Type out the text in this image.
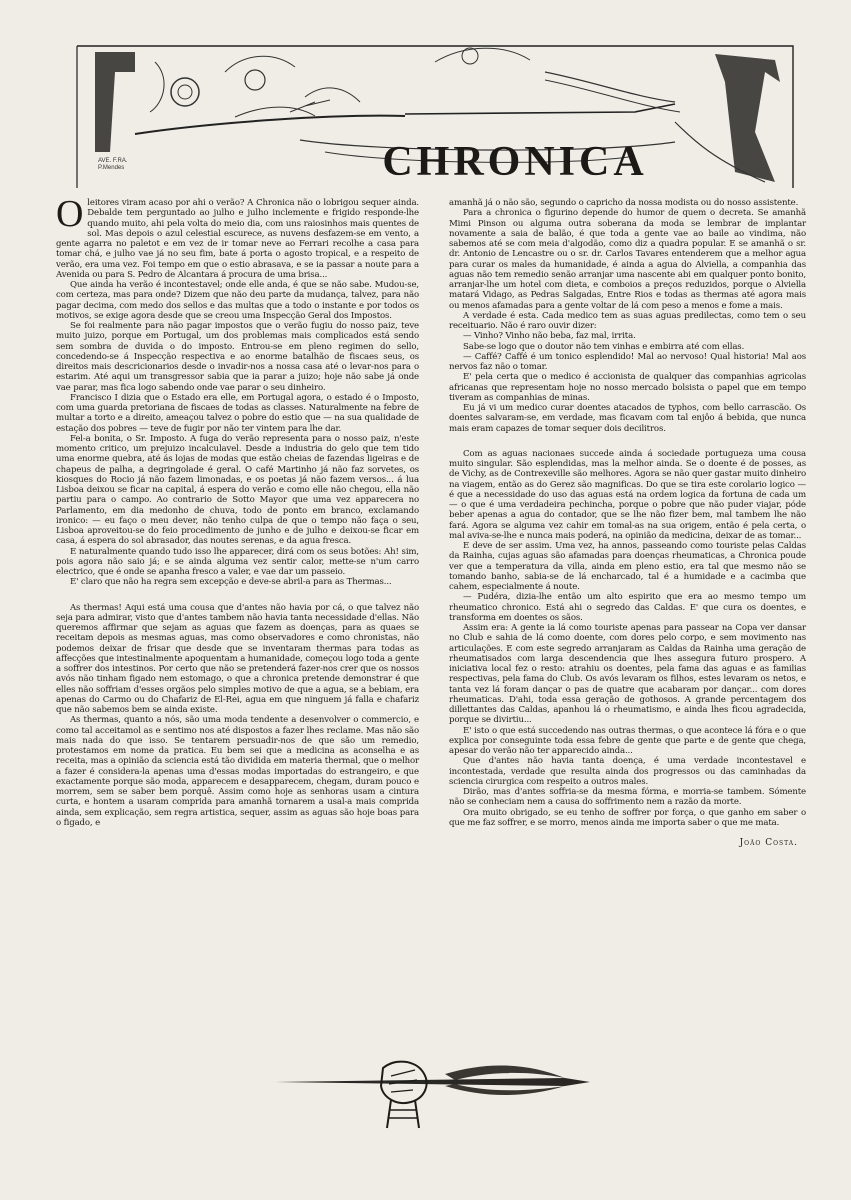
CHRONICA
AVE. F.RA.
P.Mendes

Oleitores viram acaso por ahi o verão? A Chronica não o lobrigou sequer ainda. Debalde tem perguntado ao julho e julho inclemente e frigido responde-lhe quando muito, ahi pela volta do meio dia, com uns raiosinhos mais quentes de sol. Mas depois o azul celestial escurece, as nuvens desfazem-se em vento, a gente agarra no paletot e em vez de ir tomar neve ao Ferrari recolhe a casa para tomar chá, e julho vae já no seu fim, bate á porta o agosto tropical, e a respeito de verão, era uma vez. Foi tempo em que o estio abrasava, e se ia passar a noute para a Avenida ou para S. Pedro de Alcantara á procura de uma brisa...

Que ainda ha verão é incontestavel; onde elle anda, é que se não sabe. Mudou-se, com certeza, mas para onde? Dizem que não deu parte da mudança, talvez, para não pagar decima, com medo dos sellos e das multas que a todo o instante e por todos os motivos, se exige agora desde que se creou uma Inspecção Geral dos Impostos.

Se foi realmente para não pagar impostos que o verão fugiu do nosso paiz, teve muito juizo, porque em Portugal, um dos problemas mais complicados está sendo sem sombra de duvida o do imposto. Entrou-se em pleno regimen do sello, concedendo-se á Inspecção respectiva e ao enorme batalhão de fiscaes seus, os direitos mais descricionarios desde o invadir-nos a nossa casa até o levar-nos para o estarim. Até aqui um transgressor sabia que ia parar a juizo; hoje não sabe já onde vae parar, mas fica logo sabendo onde vae parar o seu dinheiro.

Francisco I dizia que o Estado era elle, em Portugal agora, o estado é o Imposto, com uma guarda pretoriana de fiscaes de todas as classes. Naturalmente na febre de multar a torto e a direito, ameaçou talvez o pobre do estio que — na sua qualidade de estação dos pobres — teve de fugir por não ter vintem para lhe dar.

Fel-a bonita, o Sr. Imposto. A fuga do verão representa para o nosso paiz, n'este momento critico, um prejuizo incalculavel. Desde a industria do gelo que tem tido uma enorme quebra, até ás lojas de modas que estão cheias de fazendas ligeiras e de chapeus de palha, a degringolade é geral. O café Martinho já não faz sorvetes, os kiosques do Rocio já não fazem limonadas, e os poetas já não fazem versos... á lua Lisboa deixou se ficar na capital, á espera do verão e como elle não chegou, ella não partiu para o campo. Ao contrario de Sotto Mayor que uma vez apparecera no Parlamento, em dia medonho de chuva, todo de ponto em branco, exclamando ironico: — eu faço o meu dever, não tenho culpa de que o tempo não faça o seu, Lisboa aproveitou-se do feio procedimento de junho e de julho e deixou-se ficar em casa, á espera do sol abrasador, das noutes serenas, e da agua fresca.

E naturalmente quando tudo isso lhe apparecer, dirá com os seus botões: Ah! sim, pois agora não saio já; e se ainda alguma vez sentir calor, mette-se n'um carro electrico, que é onde se apanha fresco a valer, e vae dar um passeio.

E' claro que não ha regra sem excepção e deve-se abril-a para as Thermas...

As thermas! Aqui está uma cousa que d'antes não havia por cá, o que talvez não seja para admirar, visto que d'antes tambem não havia tanta necessidade d'ellas. Não queremos affirmar que sejam as aguas que fazem as doenças, para as quaes se receitam depois as mesmas aguas, mas como observadores e como chronistas, não podemos deixar de frisar que desde que se inventaram thermas para todas as affecções que intestinalmente apoquentam a humanidade, começou logo toda a gente a soffrer dos intestinos. Por certo que não se pretenderá fazer-nos crer que os nossos avós não tinham figado nem estomago, o que a chronica pretende demonstrar é que elles não soffriam d'esses orgãos pelo simples motivo de que a agua, se a bebiam, era apenas do Carmo ou do Chafariz de El-Rei, agua em que ninguem já falla e chafariz que não sabemos bem se ainda existe.

As thermas, quanto a nós, são uma moda tendente a desenvolver o commercio, e como tal acceitamol as e sentimo nos até dispostos a fazer lhes reclame. Mas não são mais nada do que isso. Se tentarem persuadir-nos de que são um remedio, protestamos em nome da pratica. Eu bem sei que a medicina as aconselha e as receita, mas a opinião da sciencia está tão dividida em materia thermal, que o melhor a fazer é considera-la apenas uma d'essas modas importadas do estrangeiro, e que exactamente porque são moda, apparecem e desapparecem, chegam, duram pouco e morrem, sem se saber bem porquê. Assim como hoje as senhoras usam a cintura curta, e hontem a usaram comprida para amanhã tornarem a usal-a mais comprida ainda, sem explicação, sem regra artistica, sequer, assim as aguas são hoje boas para o figado, e

amanhã já o não são, segundo o capricho da nossa modista ou do nosso assistente.

Para a chronica o figurino depende do humor de quem o decreta. Se amanhã Mimi Pinson ou alguma outra soberana da moda se lembrar de implantar novamente a saia de balão, é que toda a gente vae ao baile ao vindima, não sabemos até se com meia d'algodão, como diz a quadra popular. E se amanhã o sr. dr. Antonio de Lencastre ou o sr. dr. Carlos Tavares entenderem que a melhor agua para curar os males da humanidade, é ainda a agua do Alviella, a companhia das aguas não tem remedio senão arranjar uma nascente abi em qualquer ponto bonito, arranjar-lhe um hotel com dieta, e comboios a preços reduzidos, porque o Alviella matará Vidago, as Pedras Salgadas, Entre Rios e todas as thermas até agora mais ou menos afamadas para a gente voltar de lá com peso a menos e fome a mais.

A verdade é esta. Cada medico tem as suas aguas predilectas, como tem o seu receituario. Não é raro ouvir dizer:

— Vinho? Vinho não beba, faz mal, irrita.

Sabe-se logo que o doutor não tem vinhas e embirra até com ellas.

— Caffé? Caffé é um tonico esplendido! Mal ao nervoso! Qual historia! Mal aos nervos faz não o tomar.

E' pela certa que o medico é accionista de qualquer das companhias agricolas africanas que representam hoje no nosso mercado bolsista o papel que em tempo tiveram as companhias de minas.

Eu já vi um medico curar doentes atacados de typhos, com bello carrascão. Os doentes salvaram-se, em verdade, mas ficavam com tal enjôo á bebida, que nunca mais eram capazes de tomar sequer dois decilitros.

Com as aguas nacionaes succede ainda á sociedade portugueza uma cousa muito singular. São esplendidas, mas la melhor ainda. Se o doente é de posses, as de Vichy, as de Contrexeville são melhores. Agora se não quer gastar muito dinheiro na viagem, então as do Gerez são magnificas. Do que se tira este corolario logico — é que a necessidade do uso das aguas está na ordem logica da fortuna de cada um — o que é uma verdadeira pechincha, porque o pobre que não puder viajar, póde beber apenas a agua do contador, que se lhe não fizer bem, mal tambem lhe não fará. Agora se alguma vez cahir em tomal-as na sua origem, então é pela certa, o mal aviva-se-lhe e nunca mais poderá, na opinião da medicina, deixar de as tomar...

E deve de ser assim. Uma vez, ha annos, passeando como touriste pelas Caldas da Rainha, cujas aguas são afamadas para doenças rheumaticas, a Chronica poude ver que a temperatura da villa, ainda em pleno estio, era tal que mesmo não se tomando banho, sabia-se de lá encharcado, tal é a humidade e a cacimba que cahem, especialmente á noute.

— Pudéra, dizia-lhe então um alto espirito que era ao mesmo tempo um rheumatico chronico. Está ahi o segredo das Caldas. E' que cura os doentes, e transforma em doentes os sãos.

Assim era: A gente ia lá como touriste apenas para passear na Copa ver dansar no Club e sahia de lá como doente, com dores pelo corpo, e sem movimento nas articulações. E com este segredo arranjaram as Caldas da Rainha uma geração de rheumatisados com larga descendencia que lhes assegura futuro prospero. A iniciativa local fez o resto: atrahiu os doentes, pela fama das aguas e as familias respectivas, pela fama do Club. Os avós levaram os filhos, estes levaram os netos, e tanta vez lá foram dançar o pas de quatre que acabaram por dançar... com dores rheumaticas. D'ahi, toda essa geração de gothosos. A grande percentagem dos dillettantes das Caldas, apanhou lá o rheumatismo, e ainda lhes ficou agradecida, porque se divirtiu...

E' isto o que está succedendo nas outras thermas, o que acontece lá fóra e o que explica por conseguinte toda essa febre de gente que parte e de gente que chega, apesar do verão não ter apparecido ainda...

Que d'antes não havia tanta doença, é uma verdade incontestavel e incontestada, verdade que resulta ainda dos progressos ou das caminhadas da sciencia cirurgica com respeito a outros males.

Dirão, mas d'antes soffria-se da mesma fórma, e morria-se tambem. Sómente não se conheciam nem a causa do soffrimento nem a razão da morte.

Ora muito obrigado, se eu tenho de soffrer por força, o que ganho em saber o que me faz soffrer, e se morro, menos ainda me importa saber o que me mata.

João Costa.
